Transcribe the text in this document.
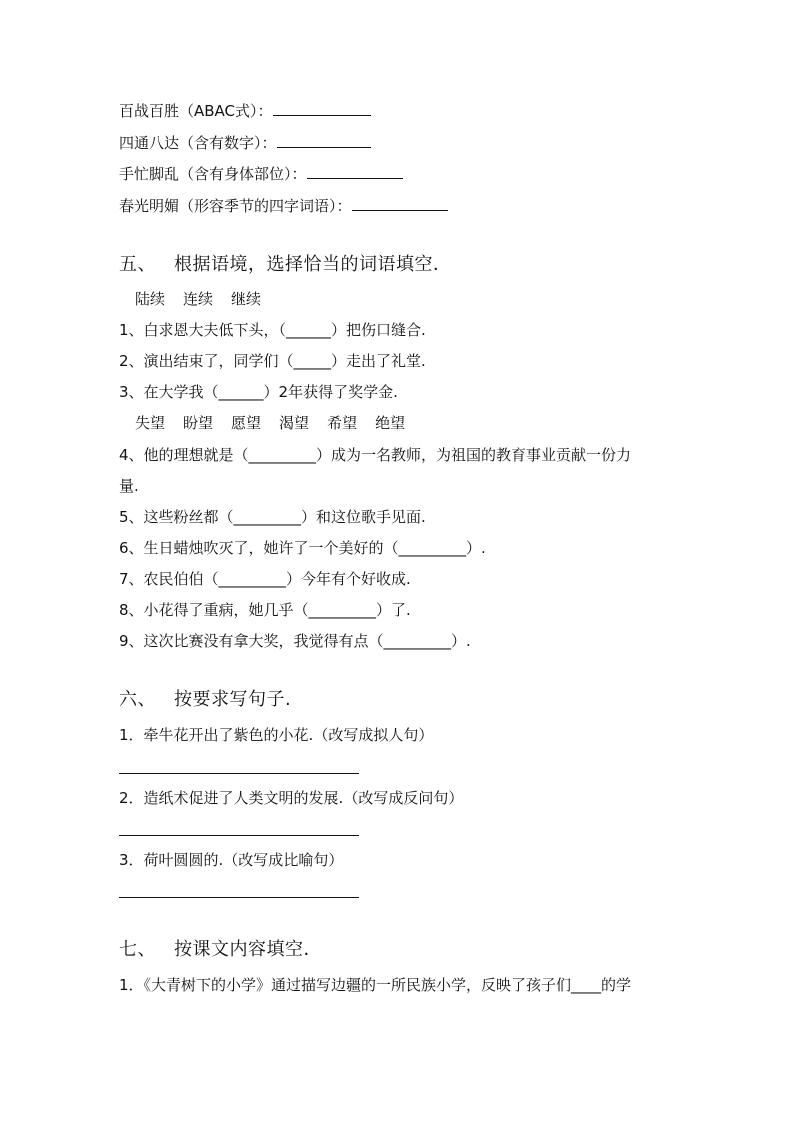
百战百胜（ABAC式）：
四通八达（含有数字）：
手忙脚乱（含有身体部位）：
春光明媚（形容季节的四字词语）：
五、 根据语境，选择恰当的词语填空．
陆续 连续 继续
1、白求恩大夫低下头，（______）把伤口缝合.
2、演出结束了，同学们（_____）走出了礼堂.
3、在大学我（______）2年获得了奖学金.
失望 盼望 愿望 渴望 希望 绝望
4、他的理想就是（_________）成为一名教师，为祖国的教育事业贡献一份力
量.
5、这些粉丝都（_________）和这位歌手见面.
6、生日蜡烛吹灭了，她许了一个美好的（_________）.
7、农民伯伯（_________）今年有个好收成.
8、小花得了重病，她几乎（_________）了.
9、这次比赛没有拿大奖，我觉得有点（_________）.
六、 按要求写句子.
1．牵牛花开出了紫色的小花.（改写成拟人句）
2．造纸术促进了人类文明的发展.（改写成反问句）
3．荷叶圆圆的.（改写成比喻句）
七、 按课文内容填空．
1．《大青树下的小学》通过描写边疆的一所民族小学，反映了孩子们____的学
